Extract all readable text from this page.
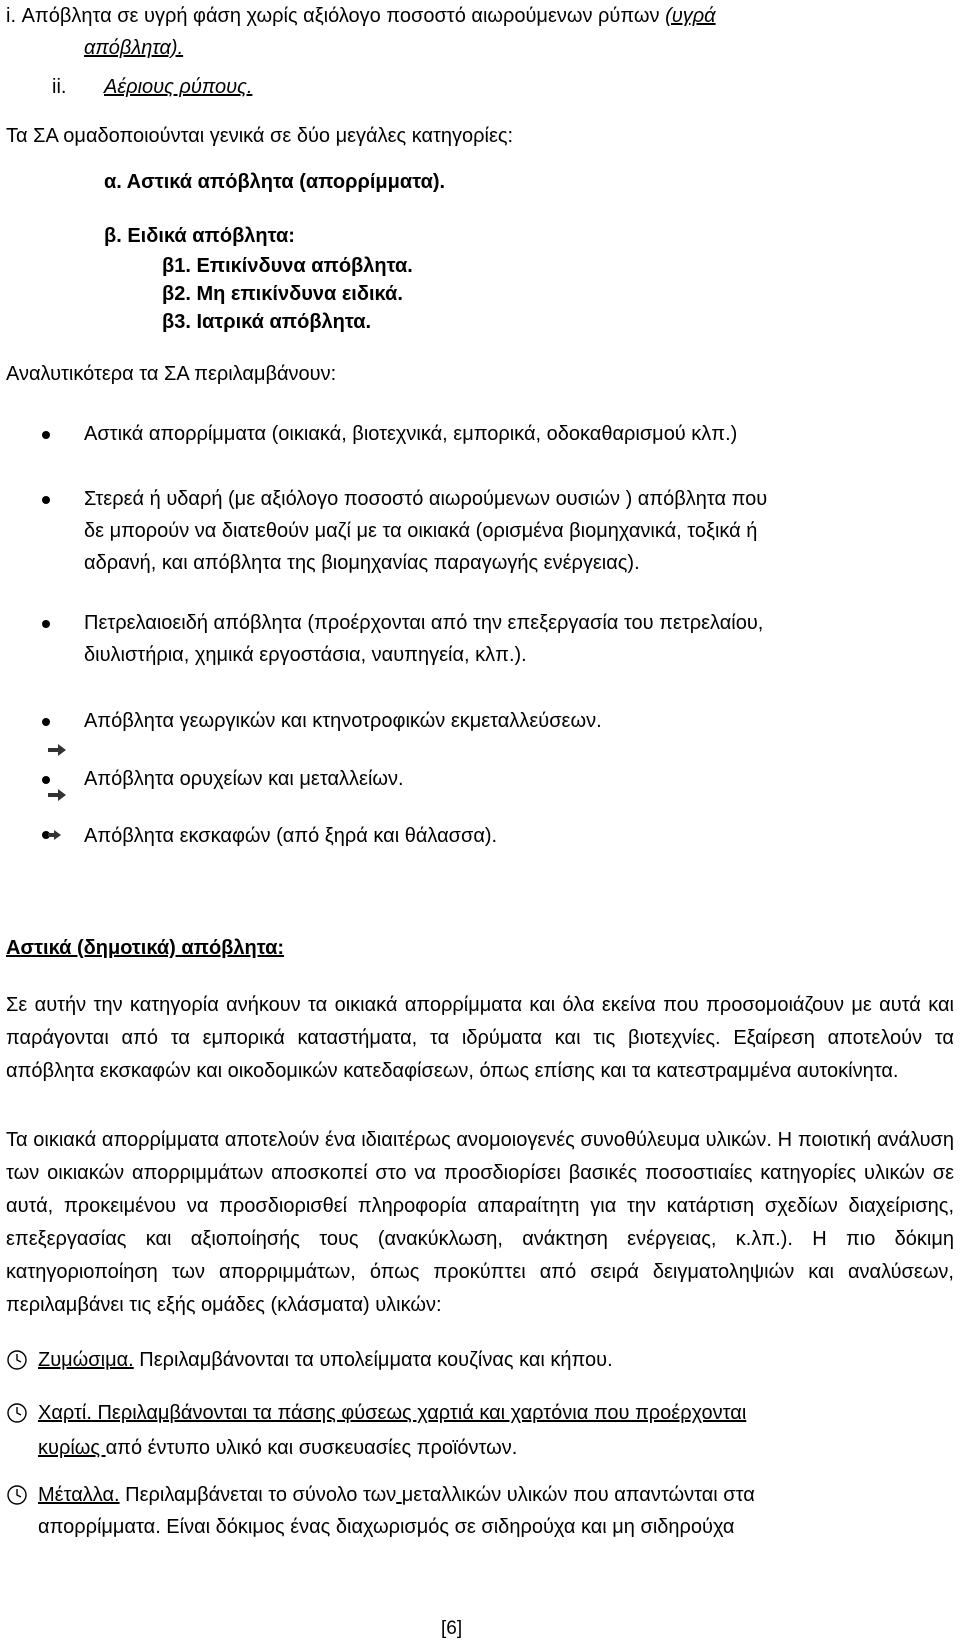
i. Απόβλητα σε υγρή φάση χωρίς αξιόλογο ποσοστό αιωρούμενων ρύπων (υγρά
απόβλητα).
ii. Αέριους ρύπους.
Τα ΣΑ ομαδοποιούνται γενικά σε δύο μεγάλες κατηγορίες:
α. Αστικά απόβλητα (απορρίμματα).
β. Ειδικά απόβλητα:
β1. Επικίνδυνα απόβλητα.
β2. Μη επικίνδυνα ειδικά.
β3. Ιατρικά απόβλητα.
Αναλυτικότερα τα ΣΑ περιλαμβάνουν:
Αστικά απορρίμματα (οικιακά, βιοτεχνικά, εμπορικά, οδοκαθαρισμού κλπ.)
Στερεά ή υδαρή (με αξιόλογο ποσοστό αιωρούμενων ουσιών ) απόβλητα που
δε μπορούν να διατεθούν μαζί με τα οικιακά (ορισμένα βιομηχανικά, τοξικά ή
αδρανή, και απόβλητα της βιομηχανίας παραγωγής ενέργειας).
Πετρελαιοειδή απόβλητα (προέρχονται από την επεξεργασία του πετρελαίου,
διυλιστήρια, χημικά εργοστάσια, ναυπηγεία, κλπ.).
Απόβλητα γεωργικών και κτηνοτροφικών εκμεταλλεύσεων.
Απόβλητα ορυχείων και μεταλλείων.
Απόβλητα εκσκαφών (από ξηρά και θάλασσα).
Αστικά (δημοτικά) απόβλητα:
Σε αυτήν την κατηγορία ανήκουν τα οικιακά απορρίμματα και όλα εκείνα που προσομοιάζουν με αυτά και παράγονται από τα εμπορικά καταστήματα, τα ιδρύματα και τις βιοτεχνίες. Εξαίρεση αποτελούν τα απόβλητα εκσκαφών και οικοδομικών κατεδαφίσεων, όπως επίσης και τα κατεστραμμένα αυτοκίνητα.
Τα οικιακά απορρίμματα αποτελούν ένα ιδιαιτέρως ανομοιογενές συνοθύλευμα υλικών. Η ποιοτική ανάλυση των οικιακών απορριμμάτων αποσκοπεί στο να προσδιορίσει βασικές ποσοστιαίες κατηγορίες υλικών σε αυτά, προκειμένου να προσδιορισθεί πληροφορία απαραίτητη για την κατάρτιση σχεδίων διαχείρισης, επεξεργασίας και αξιοποίησής τους (ανακύκλωση, ανάκτηση ενέργειας, κ.λπ.). Η πιο δόκιμη κατηγοριοποίηση των απορριμμάτων, όπως προκύπτει από σειρά δειγματοληψιών και αναλύσεων, περιλαμβάνει τις εξής ομάδες (κλάσματα) υλικών:
Ζυμώσιμα. Περιλαμβάνονται τα υπολείμματα κουζίνας και κήπου.
Χαρτί. Περιλαμβάνονται τα πάσης φύσεως χαρτιά και χαρτόνια που προέρχονται
κυρίως από έντυπο υλικό και συσκευασίες προϊόντων.
Μέταλλα. Περιλαμβάνεται το σύνολο των μεταλλικών υλικών που απαντώνται στα
απορρίμματα. Είναι δόκιμος ένας διαχωρισμός σε σιδηρούχα και μη σιδηρούχα
[6]
